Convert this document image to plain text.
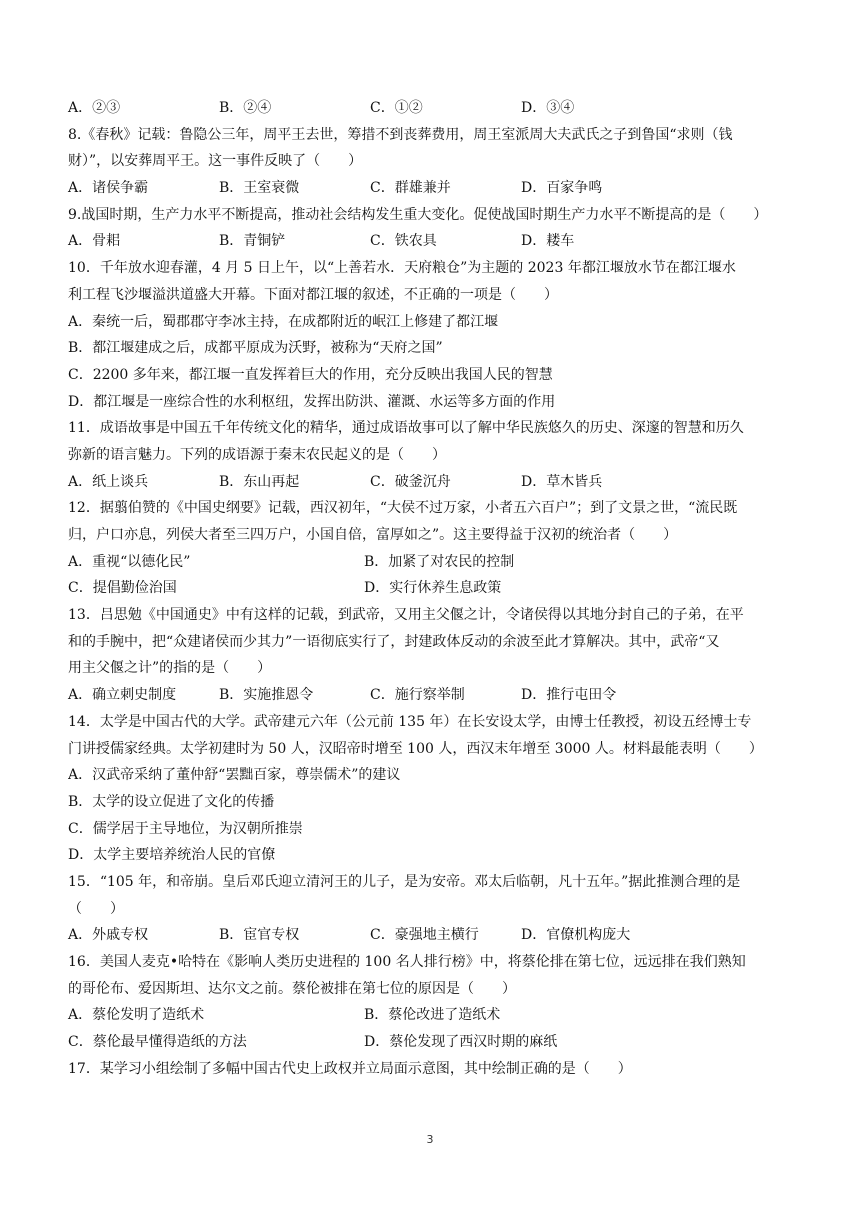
A．②③	B．②④	C．①②	D．③④
8.《春秋》记载：鲁隐公三年，周平王去世，筹措不到丧葬费用，周王室派周大夫武氏之子到鲁国“求则（钱
财）”，以安葬周平王。这一事件反映了（　　）
A．诸侯争霸	B．王室衰微	C．群雄兼并	D．百家争鸣
9.战国时期，生产力水平不断提高，推动社会结构发生重大变化。促使战国时期生产力水平不断提高的是（　　）
A．骨耜	B．青铜铲	C．铁农具	D．耧车
10．千年放水迎春灌，4 月 5 日上午，以“上善若水．天府粮仓”为主题的 2023 年都江堰放水节在都江堰水
利工程飞沙堰溢洪道盛大开幕。下面对都江堰的叙述，不正确的一项是（　　）
A．秦统一后，蜀郡郡守李冰主持，在成都附近的岷江上修建了都江堰
B．都江堰建成之后，成都平原成为沃野，被称为“天府之国”
C．2200 多年来，都江堰一直发挥着巨大的作用，充分反映出我国人民的智慧
D．都江堰是一座综合性的水利枢纽，发挥出防洪、灌溉、水运等多方面的作用
11．成语故事是中国五千年传统文化的精华，通过成语故事可以了解中华民族悠久的历史、深邃的智慧和历久
弥新的语言魅力。下列的成语源于秦末农民起义的是（　　）
A．纸上谈兵	B．东山再起	C．破釜沉舟	D．草木皆兵
12．据翦伯赞的《中国史纲要》记载，西汉初年，“大侯不过万家，小者五六百户”；到了文景之世，“流民既
归，户口亦息，列侯大者至三四万户，小国自倍，富厚如之”。这主要得益于汉初的统治者（　　）
A．重视“以德化民”	B．加紧了对农民的控制
C．提倡勤俭治国	D．实行休养生息政策
13．吕思勉《中国通史》中有这样的记载，到武帝，又用主父偃之计，令诸侯得以其地分封自己的子弟，在平
和的手腕中，把“众建诸侯而少其力”一语彻底实行了，封建政体反动的余波至此才算解决。其中，武帝“又
用主父偃之计”的指的是（　　）
A．确立刺史制度	B．实施推恩令	C．施行察举制	D．推行屯田令
14．太学是中国古代的大学。武帝建元六年（公元前 135 年）在长安设太学，由博士任教授，初设五经博士专
门讲授儒家经典。太学初建时为 50 人，汉昭帝时增至 100 人，西汉末年增至 3000 人。材料最能表明（　　）
A．汉武帝采纳了董仲舒“罢黜百家，尊崇儒术”的建议
B．太学的设立促进了文化的传播
C．儒学居于主导地位，为汉朝所推崇
D．太学主要培养统治人民的官僚
15．“105 年，和帝崩。皇后邓氏迎立清河王的儿子，是为安帝。邓太后临朝，凡十五年。”据此推测合理的是
（　　）
A．外戚专权	B．宦官专权	C．豪强地主横行	D．官僚机构庞大
16．美国人麦克•哈特在《影响人类历史进程的 100 名人排行榜》中，将蔡伦排在第七位，远远排在我们熟知
的哥伦布、爱因斯坦、达尔文之前。蔡伦被排在第七位的原因是（　　）
A．蔡伦发明了造纸术	B．蔡伦改进了造纸术
C．蔡伦最早懂得造纸的方法	D．蔡伦发现了西汉时期的麻纸
17．某学习小组绘制了多幅中国古代史上政权并立局面示意图，其中绘制正确的是（　　）
3
